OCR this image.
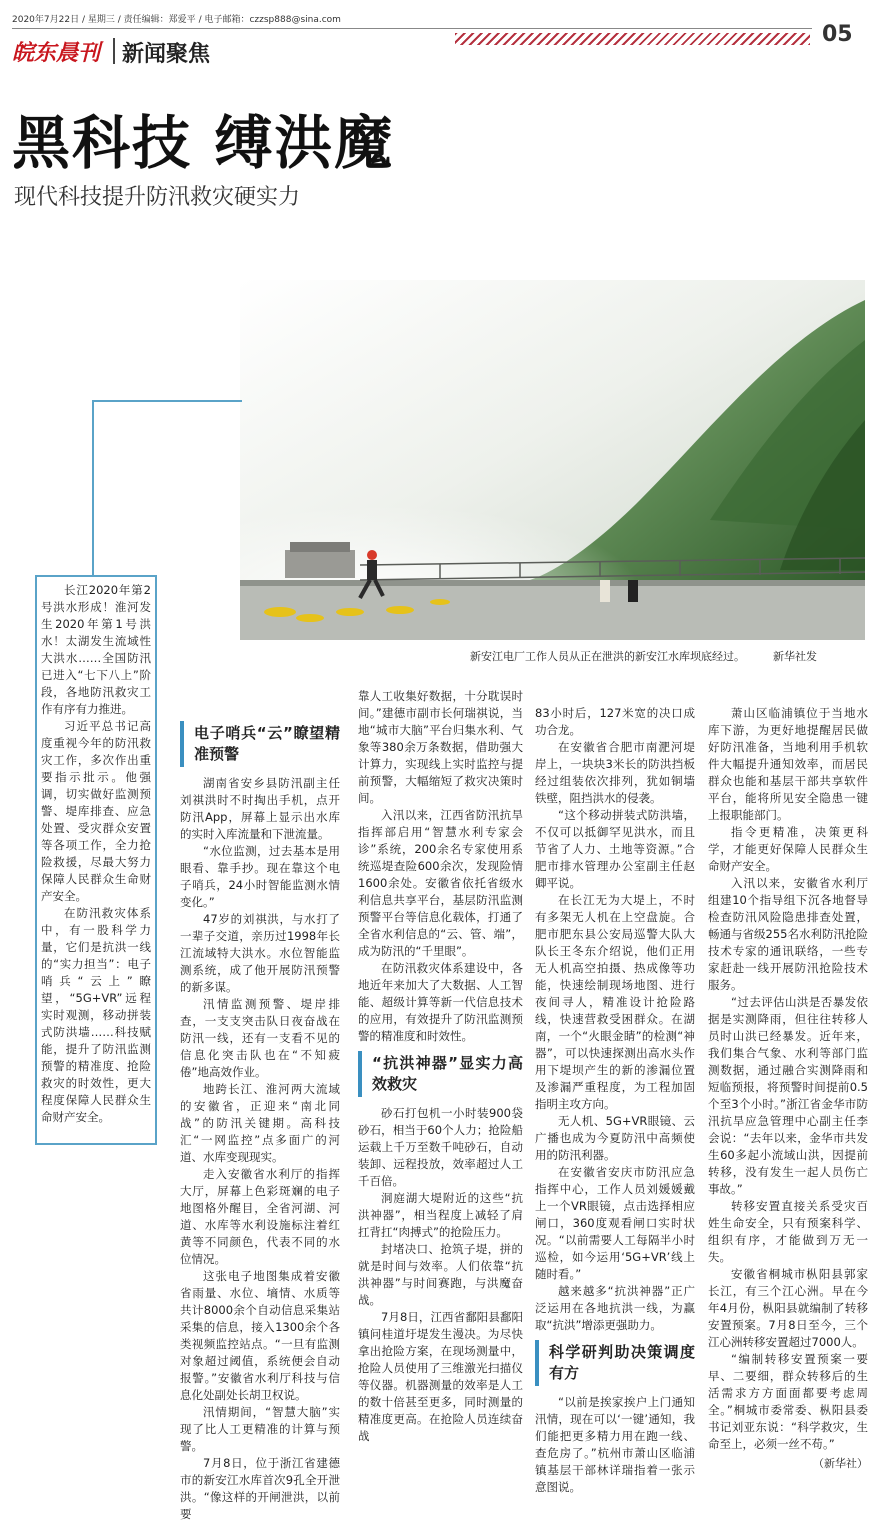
2020年7月22日 / 星期三 / 责任编辑：郑爱平 / 电子邮箱：czzsp888@sina.com
05
皖东晨刊 新闻聚焦
黑科技 缚洪魔
现代科技提升防汛救灾硬实力
新安江电厂工作人员从正在泄洪的新安江水库坝底经过。	新华社发

长江2020年第2号洪水形成！淮河发生2020年第1号洪水！太湖发生流域性大洪水……全国防汛已进入“七下八上”阶段，各地防汛救灾工作有序有力推进。

习近平总书记高度重视今年的防汛救灾工作，多次作出重要指示批示。他强调，切实做好监测预警、堤库排查、应急处置、受灾群众安置等各项工作，全力抢险救援，尽最大努力保障人民群众生命财产安全。

在防汛救灾体系中，有一股科学力量，它们是抗洪一线的“实力担当”：电子哨兵“云上”瞭望，“5G+VR”远程实时观测，移动拼装式防洪墙……科技赋能，提升了防汛监测预警的精准度、抢险救灾的时效性，更大程度保障人民群众生命财产安全。

电子哨兵“云”瞭望精准预警

湖南省安乡县防汛副主任刘祺洪时不时掏出手机，点开防汛App，屏幕上显示出水库的实时入库流量和下泄流量。

“水位监测，过去基本是用眼看、靠手抄。现在靠这个电子哨兵，24小时智能监测水情变化。”

47岁的刘祺洪，与水打了一辈子交道，亲历过1998年长江流域特大洪水。水位智能监测系统，成了他开展防汛预警的新多谋。

汛情监测预警、堤岸排查，一支支突击队日夜奋战在防汛一线，还有一支看不见的信息化突击队也在“不知疲倦”地高效作业。

地跨长江、淮河两大流域的安徽省，正迎来“南北同战”的防汛关键期。高科技汇“一网监控”点多面广的河道、水库变现现实。

走入安徽省水利厅的指挥大厅，屏幕上色彩斑斓的电子地图格外醒目，全省河湖、河道、水库等水利设施标注着红黄等不同颜色，代表不同的水位情况。

这张电子地图集成着安徽省雨量、水位、墒情、水质等共计8000余个自动信息采集站采集的信息，接入1300余个各类视频监控站点。“一旦有监测对象超过阈值，系统便会自动报警。”安徽省水利厅科技与信息化处副处长胡卫权说。

汛情期间，“智慧大脑”实现了比人工更精准的计算与预警。

7月8日，位于浙江省建德市的新安江水库首次9孔全开泄洪。“像这样的开闸泄洪，以前要

靠人工收集好数据，十分耽误时间。”建德市副市长何瑞祺说，当地“城市大脑”平台归集水利、气象等380余万条数据，借助强大计算力，实现线上实时监控与提前预警，大幅缩短了救灾决策时间。

入汛以来，江西省防汛抗旱指挥部启用“智慧水利专家会诊”系统，200余名专家使用系统巡堤查险600余次，发现险情1600余处。安徽省依托省级水利信息共享平台，基层防汛监测预警平台等信息化载体，打通了全省水利信息的“云、管、端”，成为防汛的“千里眼”。

在防汛救灾体系建设中，各地近年来加大了大数据、人工智能、超级计算等新一代信息技术的应用，有效提升了防汛监测预警的精准度和时效性。

“抗洪神器”显实力高效救灾

砂石打包机一小时装900袋砂石，相当于60个人力；抢险船运载上千万至数千吨砂石，自动装卸、远程投放，效率超过人工千百倍。

洞庭湖大堤附近的这些“抗洪神器”，相当程度上减轻了肩扛背扛“肉搏式”的抢险压力。

封堵决口、抢筑子堤，拼的就是时间与效率。人们依靠“抗洪神器”与时间赛跑，与洪魔奋战。

7月8日，江西省鄱阳县鄱阳镇问桂道圩堤发生漫决。为尽快拿出抢险方案，在现场测量中，抢险人员使用了三维激光扫描仪等仪器。机器测量的效率是人工的数十倍甚至更多，同时测量的精准度更高。在抢险人员连续奋战

83小时后，127米宽的决口成功合龙。

在安徽省合肥市南淝河堤岸上，一块块3米长的防洪挡板经过组装依次排列，犹如铜墙铁壁，阻挡洪水的侵袭。

“这个移动拼装式防洪墙，不仅可以抵御罕见洪水，而且节省了人力、土地等资源。”合肥市排水管理办公室副主任赵卿平说。

在长江无为大堤上，不时有多架无人机在上空盘旋。合肥市肥东县公安局巡警大队大队长王冬东介绍说，他们正用无人机高空拍摄、热成像等功能，快速绘制现场地图、进行夜间寻人，精准设计抢险路线，快速营救受困群众。在湖南，一个“火眼金睛”的检测“神器”，可以快速探测出高水头作用下堤坝产生的新的渗漏位置及渗漏严重程度，为工程加固指明主攻方向。

无人机、5G+VR眼镜、云广播也成为今夏防汛中高频使用的防汛利器。

在安徽省安庆市防汛应急指挥中心，工作人员刘媛媛戴上一个VR眼镜，点击选择相应闸口，360度观看闸口实时状况。“以前需要人工每隔半小时巡检，如今运用‘5G+VR’线上随时看。”

越来越多“抗洪神器”正广泛运用在各地抗洪一线，为赢取“抗洪”增添更强助力。

科学研判助决策调度有方

“以前是挨家挨户上门通知汛情，现在可以‘一键’通知，我们能把更多精力用在跑一线、查危房了。”杭州市萧山区临浦镇基层干部林详瑞指着一张示意图说。

萧山区临浦镇位于当地水库下游，为更好地提醒居民做好防汛准备，当地利用手机软件大幅提升通知效率，而居民群众也能和基层干部共享软件平台，能将所见安全隐患一键上报职能部门。

指令更精准，决策更科学，才能更好保障人民群众生命财产安全。

入汛以来，安徽省水利厅组建10个指导组下沉各地督导检查防汛风险隐患排查处置，畅通与省级255名水利防汛抢险技术专家的通讯联络，一些专家赶赴一线开展防汛抢险技术服务。

“过去评估山洪是否暴发依据是实测降雨，但往往转移人员时山洪已经暴发。近年来，我们集合气象、水利等部门监测数据，通过融合实测降雨和短临预报，将预警时间提前0.5个至3个小时。”浙江省金华市防汛抗旱应急管理中心副主任李会说：“去年以来，金华市共发生60多起小流域山洪，因提前转移，没有发生一起人员伤亡事故。”

转移安置直接关系受灾百姓生命安全，只有预案科学、组织有序，才能做到万无一失。

安徽省桐城市枞阳县郭家长江，有三个江心洲。早在今年4月份，枞阳县就编制了转移安置预案。7月8日至今，三个江心洲转移安置超过7000人。

“编制转移安置预案一要早、二要细，群众转移后的生活需求方方面面都要考虑周全。”桐城市委常委、枞阳县委书记刘亚东说：“科学救灾，生命至上，必须一丝不苟。”

（新华社）
